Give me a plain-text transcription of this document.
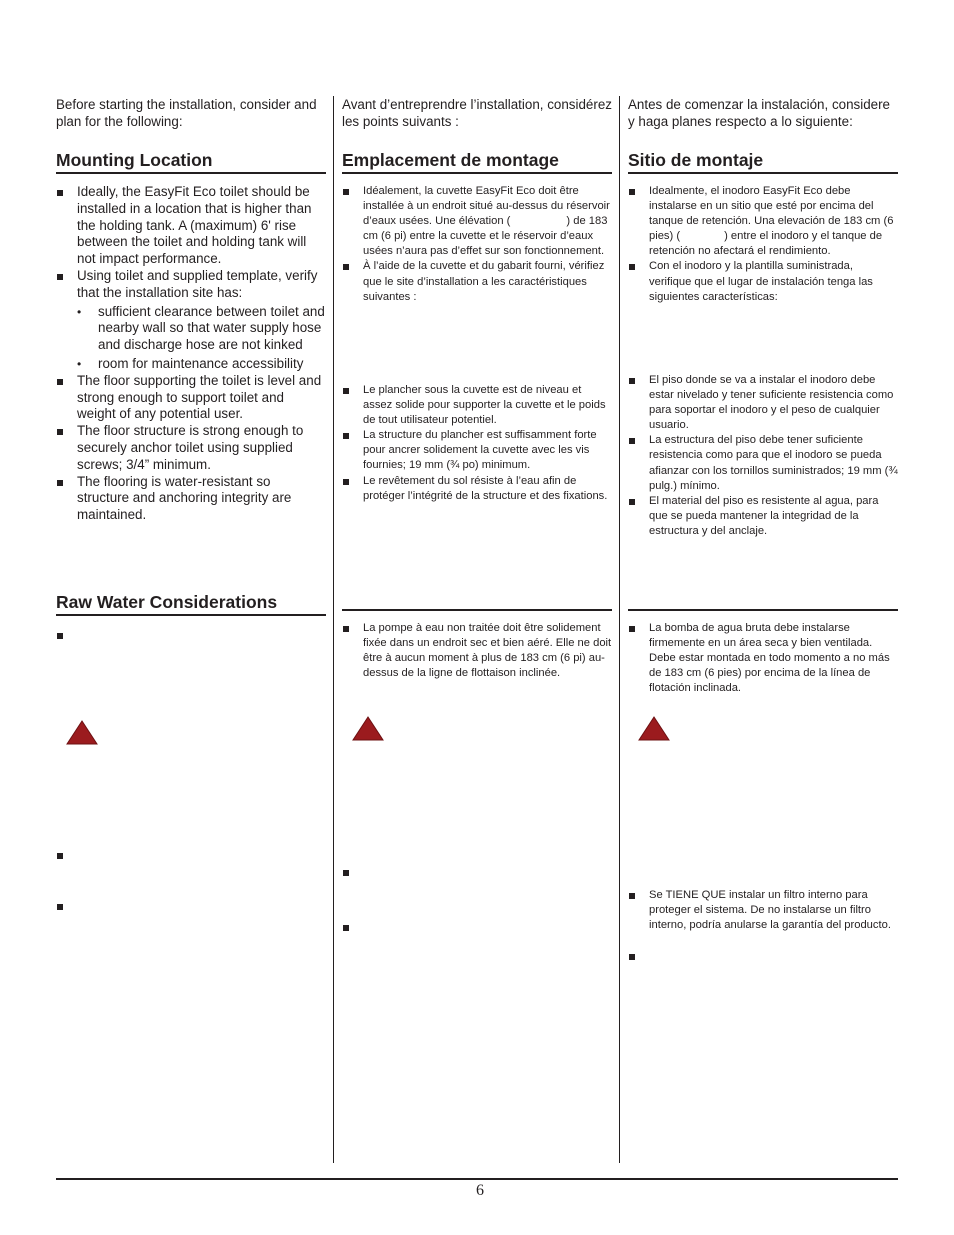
Before starting the installation, consider and plan for the following:
Mounting Location
Ideally, the EasyFit Eco toilet should be installed in a location that is higher than the holding tank. A (maximum) 6' rise between the toilet and holding tank will not impact performance.
Using toilet and supplied template, verify that the installation site has:
• sufficient clearance between toilet and nearby wall so that water supply hose and discharge hose are not kinked
• room for maintenance accessibility
The floor supporting the toilet is level and strong enough to support toilet and weight of any potential user.
The floor structure is strong enough to securely anchor toilet using supplied screws; 3/4” minimum.
The flooring is water-resistant so structure and anchoring integrity are maintained.
Raw Water Considerations
Avant d’entreprendre l’installation, considérez les points suivants :
Emplacement de montage
Idéalement, la cuvette EasyFit Eco doit être installée à un endroit situé au-dessus du réservoir d’eaux usées. Une élévation (	) de 183 cm (6 pi) entre la cuvette et le réservoir d’eaux usées n’aura pas d’effet sur son fonctionnement.
À l’aide de la cuvette et du gabarit fourni, vérifiez que le site d’installation a les caractéristiques suivantes :
Le plancher sous la cuvette est de niveau et assez solide pour supporter la cuvette et le poids de tout utilisateur potentiel.
La structure du plancher est suffisamment forte pour ancrer solidement la cuvette avec les vis fournies; 19 mm (¾ po) minimum.
Le revêtement du sol résiste à l’eau afin de protéger l’intégrité de la structure et des fixations.
La pompe à eau non traitée doit être solidement fixée dans un endroit sec et bien aéré. Elle ne doit être à aucun moment à plus de 183 cm (6 pi) au-dessus de la ligne de flottaison inclinée.
Antes de comenzar la instalación, considere y haga planes respecto a lo siguiente:
Sitio de montaje
Idealmente, el inodoro EasyFit Eco debe instalarse en un sitio que esté por encima del tanque de retención. Una elevación de 183 cm (6 pies) (	) entre el inodoro y el tanque de retención no afectará el rendimiento.
Con el inodoro y la plantilla suministrada, verifique que el lugar de instalación tenga las siguientes características:
El piso donde se va a instalar el inodoro debe estar nivelado y tener suficiente resistencia como para soportar el inodoro y el peso de cualquier usuario.
La estructura del piso debe tener suficiente resistencia como para que el inodoro se pueda afianzar con los tornillos suministrados; 19 mm (¾ pulg.) mínimo.
El material del piso es resistente al agua, para que se pueda mantener la integridad de la estructura y del anclaje.
La bomba de agua bruta debe instalarse firmemente en un área seca y bien ventilada. Debe estar montada en todo momento a no más de 183 cm (6 pies) por encima de la línea de flotación inclinada.
Se TIENE QUE instalar un filtro interno para proteger el sistema. De no instalarse un filtro interno, podría anularse la garantía del producto.
6
